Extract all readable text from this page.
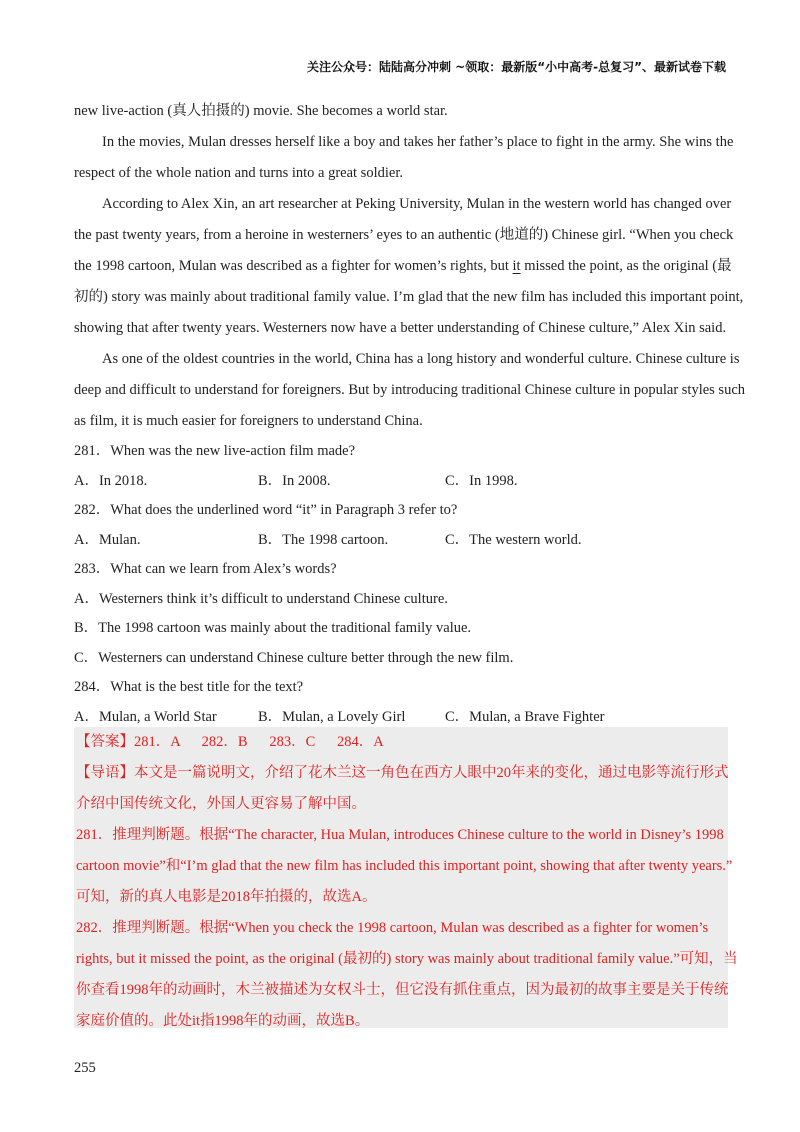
关注公众号：陆陆高分冲刺 ~领取：最新版“小中高考-总复习”、最新试卷下载
new live-action (真人拍摄的) movie. She becomes a world star.
In the movies, Mulan dresses herself like a boy and takes her father’s place to fight in the army. She wins the
respect of the whole nation and turns into a great soldier.
According to Alex Xin, an art researcher at Peking University, Mulan in the western world has changed over
the past twenty years, from a heroine in westerners’ eyes to an authentic (地道的) Chinese girl. “When you check
the 1998 cartoon, Mulan was described as a fighter for women’s rights, but it missed the point, as the original (最
初的) story was mainly about traditional family value. I’m glad that the new film has included this important point,
showing that after twenty years. Westerners now have a better understanding of Chinese culture,” Alex Xin said.
As one of the oldest countries in the world, China has a long history and wonderful culture. Chinese culture is
deep and difficult to understand for foreigners. But by introducing traditional Chinese culture in popular styles such
as film, it is much easier for foreigners to understand China.
281．When was the new live-action film made?
A．In 2018.	B．In 2008.	C．In 1998.
282．What does the underlined word “it” in Paragraph 3 refer to?
A．Mulan.	B．The 1998 cartoon.	C．The western world.
283．What can we learn from Alex’s words?
A．Westerners think it’s difficult to understand Chinese culture.
B．The 1998 cartoon was mainly about the traditional family value.
C．Westerners can understand Chinese culture better through the new film.
284．What is the best title for the text?
A．Mulan, a World Star	B．Mulan, a Lovely Girl	C．Mulan, a Brave Fighter
【答案】281．A      282．B      283．C      284．A
【导语】本文是一篇说明文，介绍了花木兰这一角色在西方人眼中20年来的变化，通过电影等流行形式
介绍中国传统文化，外国人更容易了解中国。
281．推理判断题。根据“The character, Hua Mulan, introduces Chinese culture to the world in Disney’s 1998
cartoon movie”和“I’m glad that the new film has included this important point, showing that after twenty years.”
可知，新的真人电影是2018年拍摄的，故选A。
282．推理判断题。根据“When you check the 1998 cartoon, Mulan was described as a fighter for women’s
rights, but it missed the point, as the original (最初的) story was mainly about traditional family value.”可知，当
你查看1998年的动画时，木兰被描述为女权斗士，但它没有抓住重点，因为最初的故事主要是关于传统
家庭价值的。此处it指1998年的动画，故选B。
255
